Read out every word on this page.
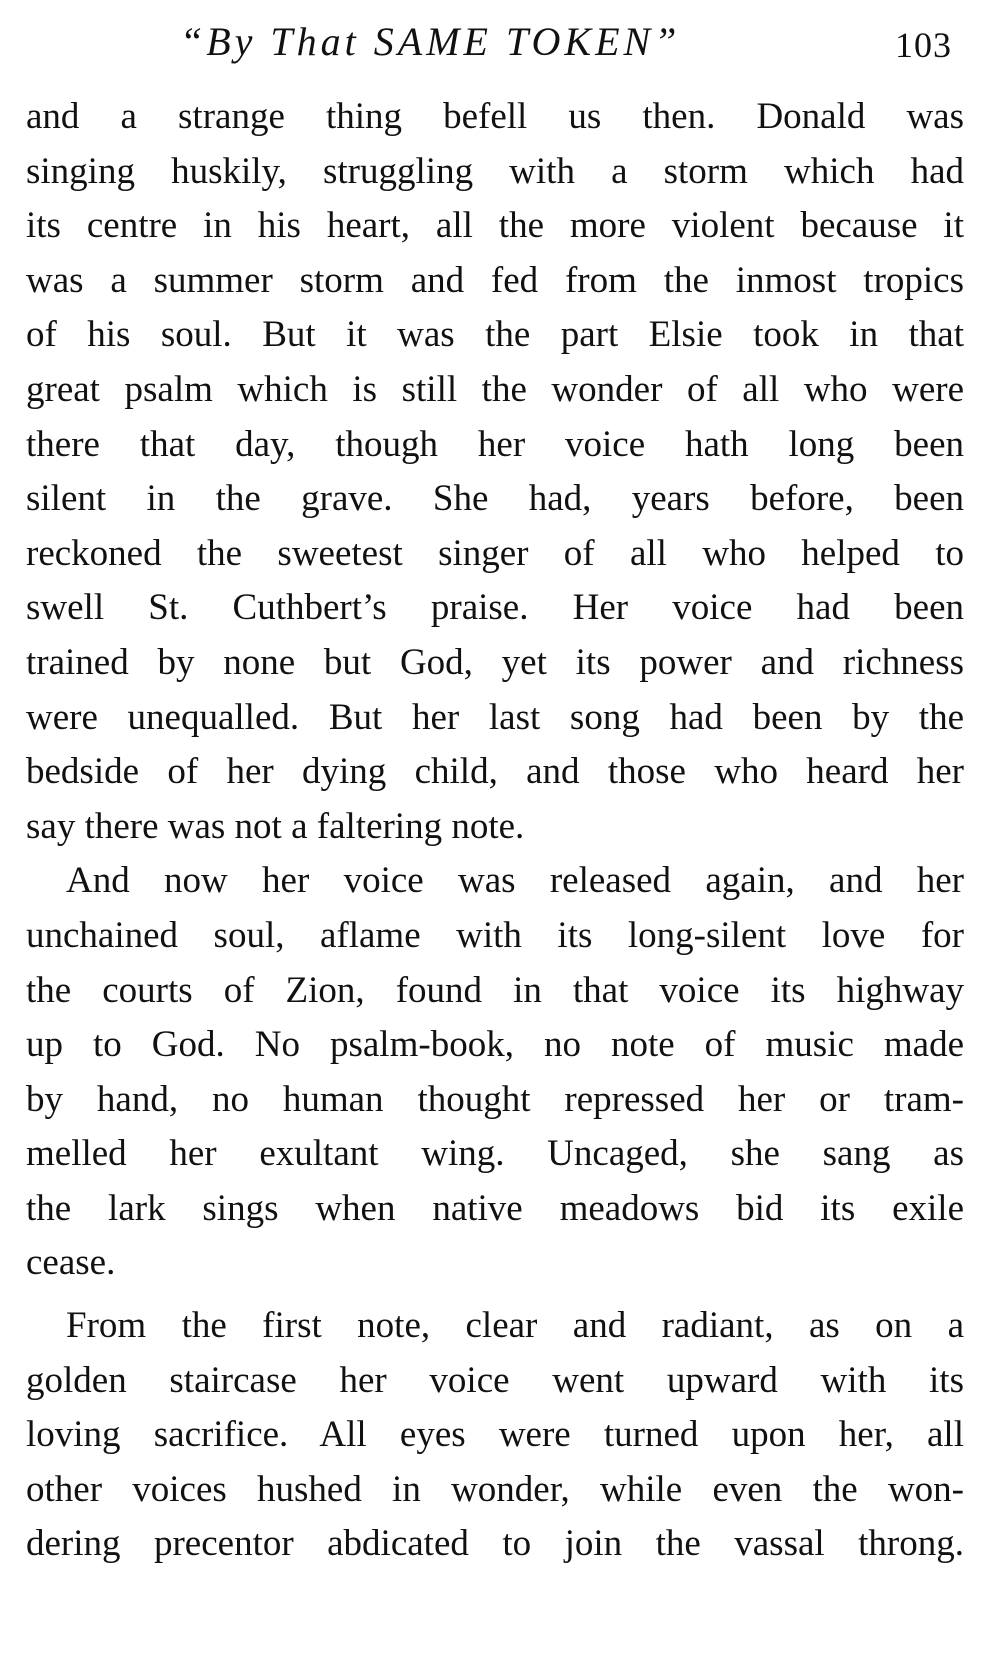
“By That SAME TOKEN”	103
and a strange thing befell us then. Donald was
singing huskily, struggling with a storm which had
its centre in his heart, all the more violent because it
was a summer storm and fed from the inmost tropics
of his soul. But it was the part Elsie took in that
great psalm which is still the wonder of all who were
there that day, though her voice hath long been
silent in the grave. She had, years before, been
reckoned the sweetest singer of all who helped to
swell St. Cuthbert’s praise. Her voice had been
trained by none but God, yet its power and richness
were unequalled. But her last song had been by the
bedside of her dying child, and those who heard her
say there was not a faltering note.
And now her voice was released again, and her
unchained soul, aflame with its long-silent love for
the courts of Zion, found in that voice its highway
up to God. No psalm-book, no note of music made
by hand, no human thought repressed her or tram-
melled her exultant wing. Uncaged, she sang as
the lark sings when native meadows bid its exile
cease.
From the first note, clear and radiant, as on a
golden staircase her voice went upward with its
loving sacrifice. All eyes were turned upon her, all
other voices hushed in wonder, while even the won-
dering precentor abdicated to join the vassal throng.
